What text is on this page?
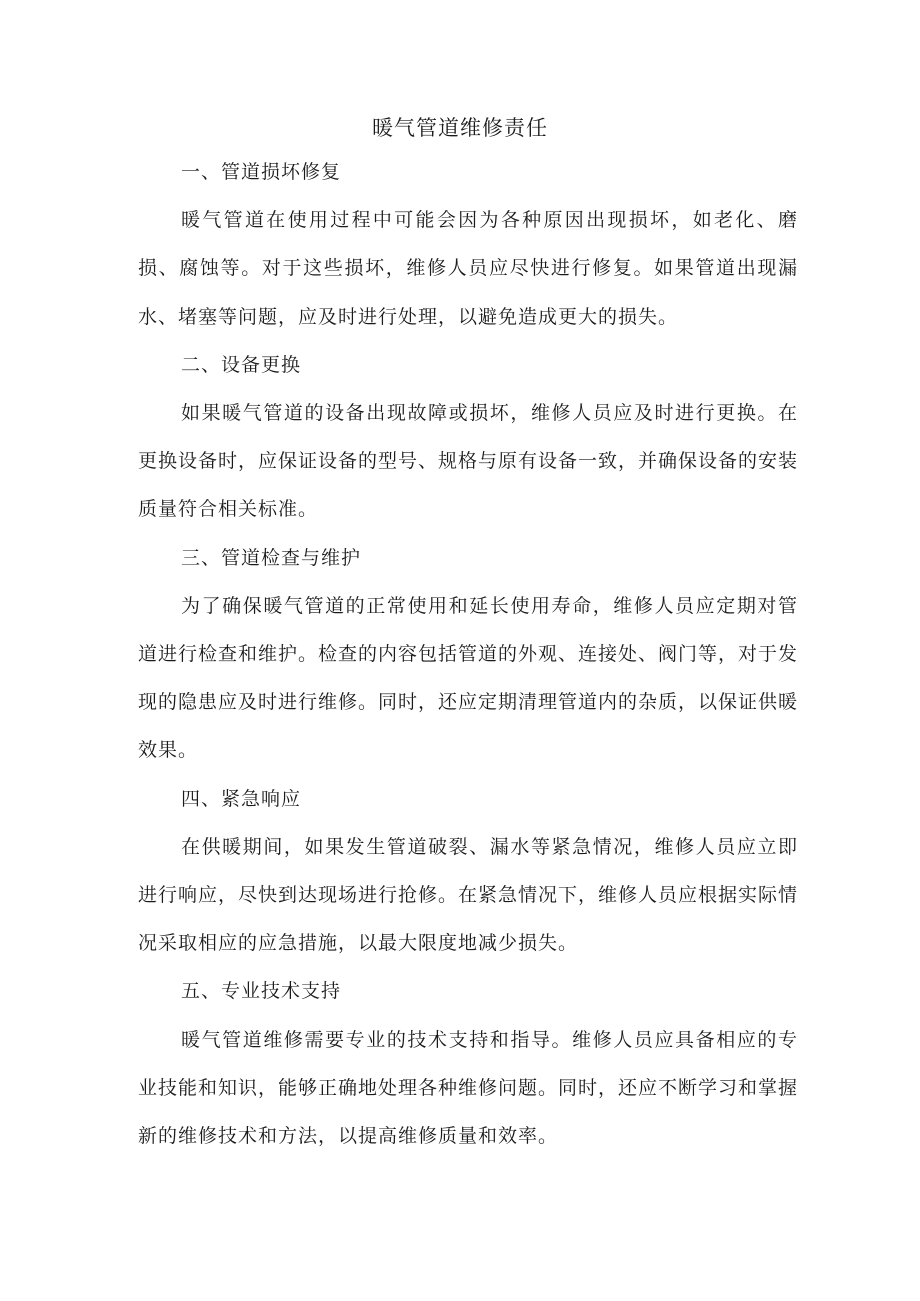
暖气管道维修责任
一、管道损坏修复

暖气管道在使用过程中可能会因为各种原因出现损坏，如老化、磨损、腐蚀等。对于这些损坏，维修人员应尽快进行修复。如果管道出现漏水、堵塞等问题，应及时进行处理，以避免造成更大的损失。

二、设备更换

如果暖气管道的设备出现故障或损坏，维修人员应及时进行更换。在更换设备时，应保证设备的型号、规格与原有设备一致，并确保设备的安装质量符合相关标准。

三、管道检查与维护

为了确保暖气管道的正常使用和延长使用寿命，维修人员应定期对管道进行检查和维护。检查的内容包括管道的外观、连接处、阀门等，对于发现的隐患应及时进行维修。同时，还应定期清理管道内的杂质，以保证供暖效果。

四、紧急响应

在供暖期间，如果发生管道破裂、漏水等紧急情况，维修人员应立即进行响应，尽快到达现场进行抢修。在紧急情况下，维修人员应根据实际情况采取相应的应急措施，以最大限度地减少损失。

五、专业技术支持

暖气管道维修需要专业的技术支持和指导。维修人员应具备相应的专业技能和知识，能够正确地处理各种维修问题。同时，还应不断学习和掌握新的维修技术和方法，以提高维修质量和效率。
